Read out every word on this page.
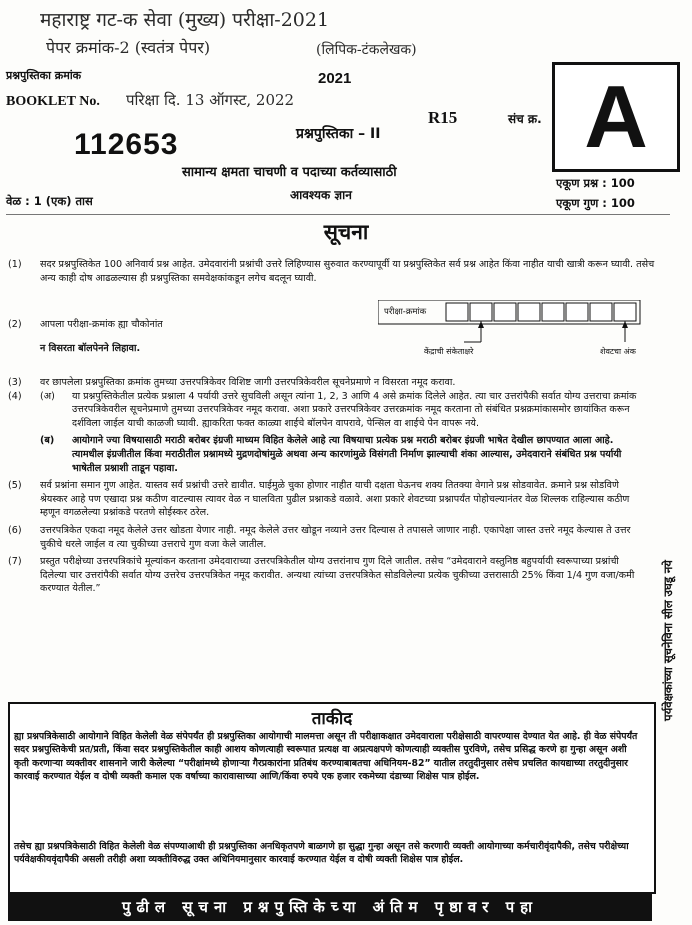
महाराष्ट्र गट-क सेवा (मुख्य) परीक्षा-2021
पेपर क्रमांक-2 (स्वतंत्र पेपर)	(लिपिक-टंकलेखक)
परिक्षा दि. 13 ऑगस्ट, 2022
प्रश्नपुस्तिका क्रमांक
BOOKLET No.
2021
112653	प्रश्नपुस्तिका – II
R15	संच क्र. A
सामान्य क्षमता चाचणी व पदाच्या कर्तव्यासाठी
आवश्यक ज्ञान
एकूण प्रश्न : 100
एकूण गुण : 100
वेळ : 1 (एक) तास
सूचना
(1) सदर प्रश्नपुस्तिकेत 100 अनिवार्य प्रश्न आहेत. उमेदवारांनी प्रश्नांची उत्तरे लिहिण्यास सुरुवात करण्यापूर्वी या प्रश्नपुस्तिकेत सर्व प्रश्न आहेत किंवा नाहीत याची खात्री करून घ्यावी. तसेच अन्य काही दोष आढळल्यास ही प्रश्नपुस्तिका समवेक्षकांकडून लगेच बदलून घ्यावी.
(2) आपला परीक्षा-क्रमांक ह्या चौकोनांत
न विसरता बॉलपेनने लिहावा.
परीक्षा-क्रमांक
केंद्राची संकेताक्षरे	शेवटचा अंक
(3) वर छापलेला प्रश्नपुस्तिका क्रमांक तुमच्या उत्तरपत्रिकेवर विशिष्ट जागी उत्तरपत्रिकेवरील सूचनेप्रमाणे न विसरता नमूद करावा.
(4) (अ) या प्रश्नपुस्तिकेतील प्रत्येक प्रश्नाला 4 पर्यायी उत्तरे सुचविली असून त्यांना 1, 2, 3 आणि 4 असे क्रमांक दिलेले आहेत. त्या चार उत्तरांपैकी सर्वात योग्य उत्तराचा क्रमांक उत्तरपत्रिकेवरील सूचनेप्रमाणे तुमच्या उत्तरपत्रिकेवर नमूद करावा. अशा प्रकारे उत्तरपत्रिकेवर उत्तरक्रमांक नमूद करताना तो संबंधित प्रश्नक्रमांकासमोर छायांकित करून दर्शविला जाईल याची काळजी घ्यावी. ह्याकरिता फक्त काळ्या शाईचे बॉलपेन वापरावे, पेन्सिल वा शाईचे पेन वापरू नये.
(ब) आयोगाने ज्या विषयासाठी मराठी बरोबर इंग्रजी माध्यम विहित केलेले आहे त्या विषयाचा प्रत्येक प्रश्न मराठी बरोबर इंग्रजी भाषेत देखील छापण्यात आला आहे. त्यामधील इंग्रजीतील किंवा मराठीतील प्रश्नामध्ये मुद्रणदोषांमुळे अथवा अन्य कारणांमुळे विसंगती निर्माण झाल्याची शंका आल्यास, उमेदवाराने संबंधित प्रश्न पर्यायी भाषेतील प्रश्नाशी ताडून पहावा.
(5) सर्व प्रश्नांना समान गुण आहेत. यास्तव सर्व प्रश्नांची उत्तरे द्यावीत. घाईमुळे चुका होणार नाहीत याची दक्षता घेऊनच शक्य तितक्या वेगाने प्रश्न सोडवावेत. क्रमाने प्रश्न सोडविणे श्रेयस्कर आहे पण एखादा प्रश्न कठीण वाटल्यास त्यावर वेळ न घालविता पुढील प्रश्नाकडे वळावे. अशा प्रकारे शेवटच्या प्रश्नापर्यंत पोहोचल्यानंतर वेळ शिल्लक राहिल्यास कठीण म्हणून वगळलेल्या प्रश्नांकडे परतणे सोईस्कर ठरेल.
(6) उत्तरपत्रिकेत एकदा नमूद केलेले उत्तर खोडता येणार नाही. नमूद केलेले उत्तर खोडून नव्याने उत्तर दिल्यास ते तपासले जाणार नाही. एकापेक्षा जास्त उत्तरे नमूद केल्यास ते उत्तर चुकीचे धरले जाईल व त्या चुकीच्या उत्तराचे गुण वजा केले जातील.
(7) प्रस्तुत परीक्षेच्या उत्तरपत्रिकांचे मूल्यांकन करताना उमेदवाराच्या उत्तरपत्रिकेतील योग्य उत्तरांनाच गुण दिले जातील. तसेच “उमेदवाराने वस्तुनिष्ठ बहुपर्यायी स्वरूपाच्या प्रश्नांची दिलेल्या चार उत्तरांपैकी सर्वात योग्य उत्तरेच उत्तरपत्रिकेत नमूद करावीत. अन्यथा त्यांच्या उत्तरपत्रिकेत सोडविलेल्या प्रत्येक चुकीच्या उत्तरासाठी 25% किंवा 1/4 गुण वजा/कमी करण्यात येतील.”	पर्यवेक्षकांच्या सूचनेविना सील उघडू नये
ताकीद
ह्या प्रश्नपत्रिकेसाठी आयोगाने विहित केलेली वेळ संपेपर्यंत ही प्रश्नपुस्तिका आयोगाची मालमत्ता असून ती परीक्षाकक्षात उमेदवाराला परीक्षेसाठी वापरण्यास देण्यात येत आहे. ही वेळ संपेपर्यंत सदर प्रश्नपुस्तिकेची प्रत/प्रती, किंवा सदर प्रश्नपुस्तिकेतील काही आशय कोणत्याही स्वरूपात प्रत्यक्ष वा अप्रत्यक्षपणे कोणत्याही व्यक्तीस पुरविणे, तसेच प्रसिद्ध करणे हा गुन्हा असून अशी कृती करणाऱ्या व्यक्तीवर शासनाने जारी केलेल्या “परीक्षांमध्ये होणाऱ्या गैरप्रकारांना प्रतिबंध करण्याबाबतचा अधिनियम-82” यातील तरतुदीनुसार तसेच प्रचलित कायद्याच्या तरतुदीनुसार कारवाई करण्यात येईल व दोषी व्यक्ती कमाल एक वर्षाच्या कारावासाच्या आणि/किंवा रुपये एक हजार रकमेच्या दंडाच्या शिक्षेस पात्र होईल.
तसेच ह्या प्रश्नपत्रिकेसाठी विहित केलेली वेळ संपण्याआधी ही प्रश्नपुस्तिका अनधिकृतपणे बाळगणे हा सुद्धा गुन्हा असून तसे करणारी व्यक्ती आयोगाच्या कर्मचारीवृंदापैकी, तसेच परीक्षेच्या पर्यवेक्षकीयवृंदापैकी असली तरीही अशा व्यक्तीविरुद्ध उक्त अधिनियमानुसार कारवाई करण्यात येईल व दोषी व्यक्ती शिक्षेस पात्र होईल.
पुढील सूचना प्रश्नपुस्तिकेच्या अंतिम पृष्ठावर पहा
